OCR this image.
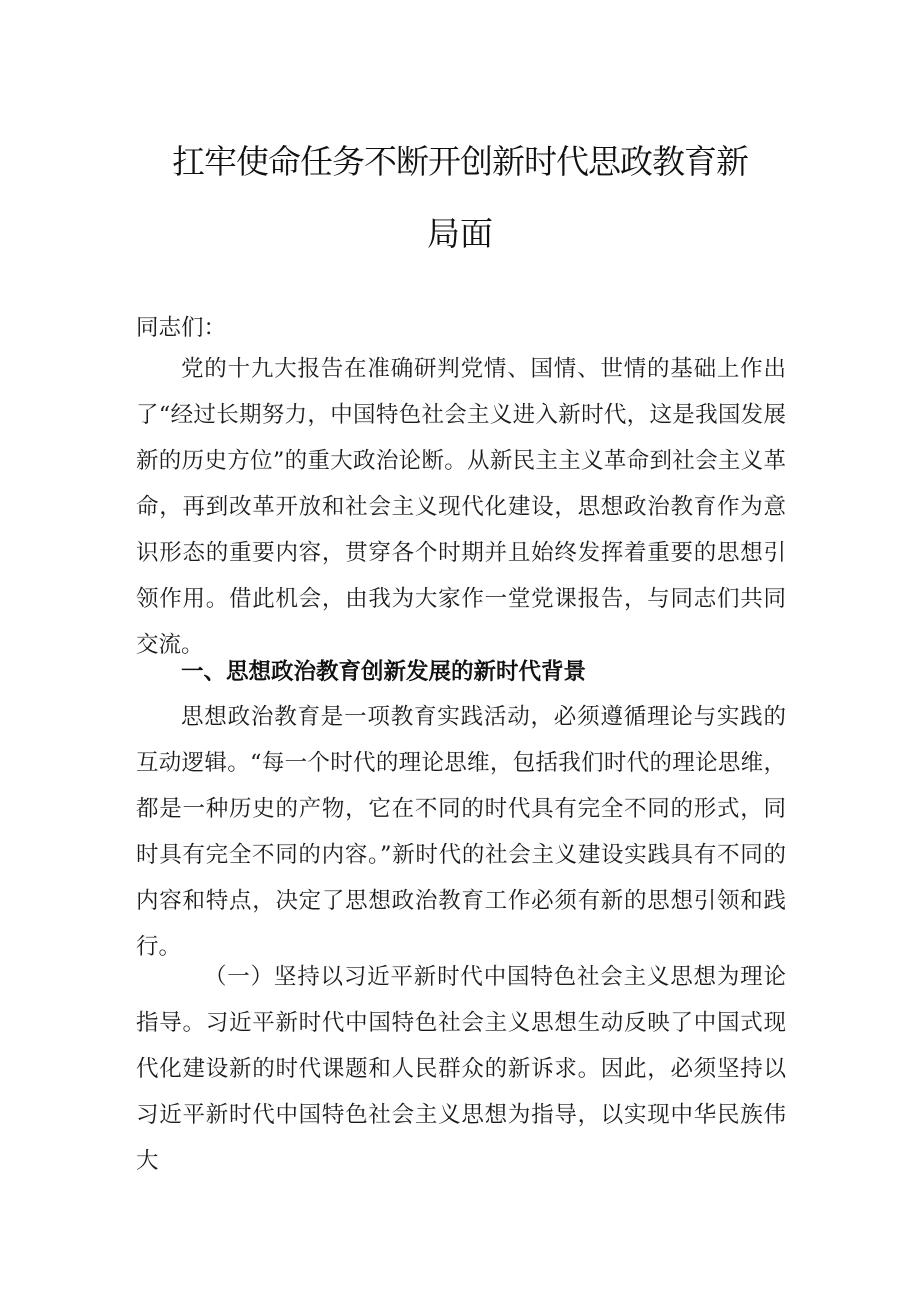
扛牢使命任务不断开创新时代思政教育新
局面

同志们：

党的十九大报告在准确研判党情、国情、世情的基础上作出了“经过长期努力，中国特色社会主义进入新时代，这是我国发展新的历史方位”的重大政治论断。从新民主主义革命到社会主义革命，再到改革开放和社会主义现代化建设，思想政治教育作为意识形态的重要内容，贯穿各个时期并且始终发挥着重要的思想引领作用。借此机会，由我为大家作一堂党课报告，与同志们共同交流。

一、思想政治教育创新发展的新时代背景

思想政治教育是一项教育实践活动，必须遵循理论与实践的互动逻辑。“每一个时代的理论思维，包括我们时代的理论思维，都是一种历史的产物，它在不同的时代具有完全不同的形式，同时具有完全不同的内容。”新时代的社会主义建设实践具有不同的内容和特点，决定了思想政治教育工作必须有新的思想引领和践行。

（一）坚持以习近平新时代中国特色社会主义思想为理论指导。习近平新时代中国特色社会主义思想生动反映了中国式现代化建设新的时代课题和人民群众的新诉求。因此，必须坚持以习近平新时代中国特色社会主义思想为指导，以实现中华民族伟大
